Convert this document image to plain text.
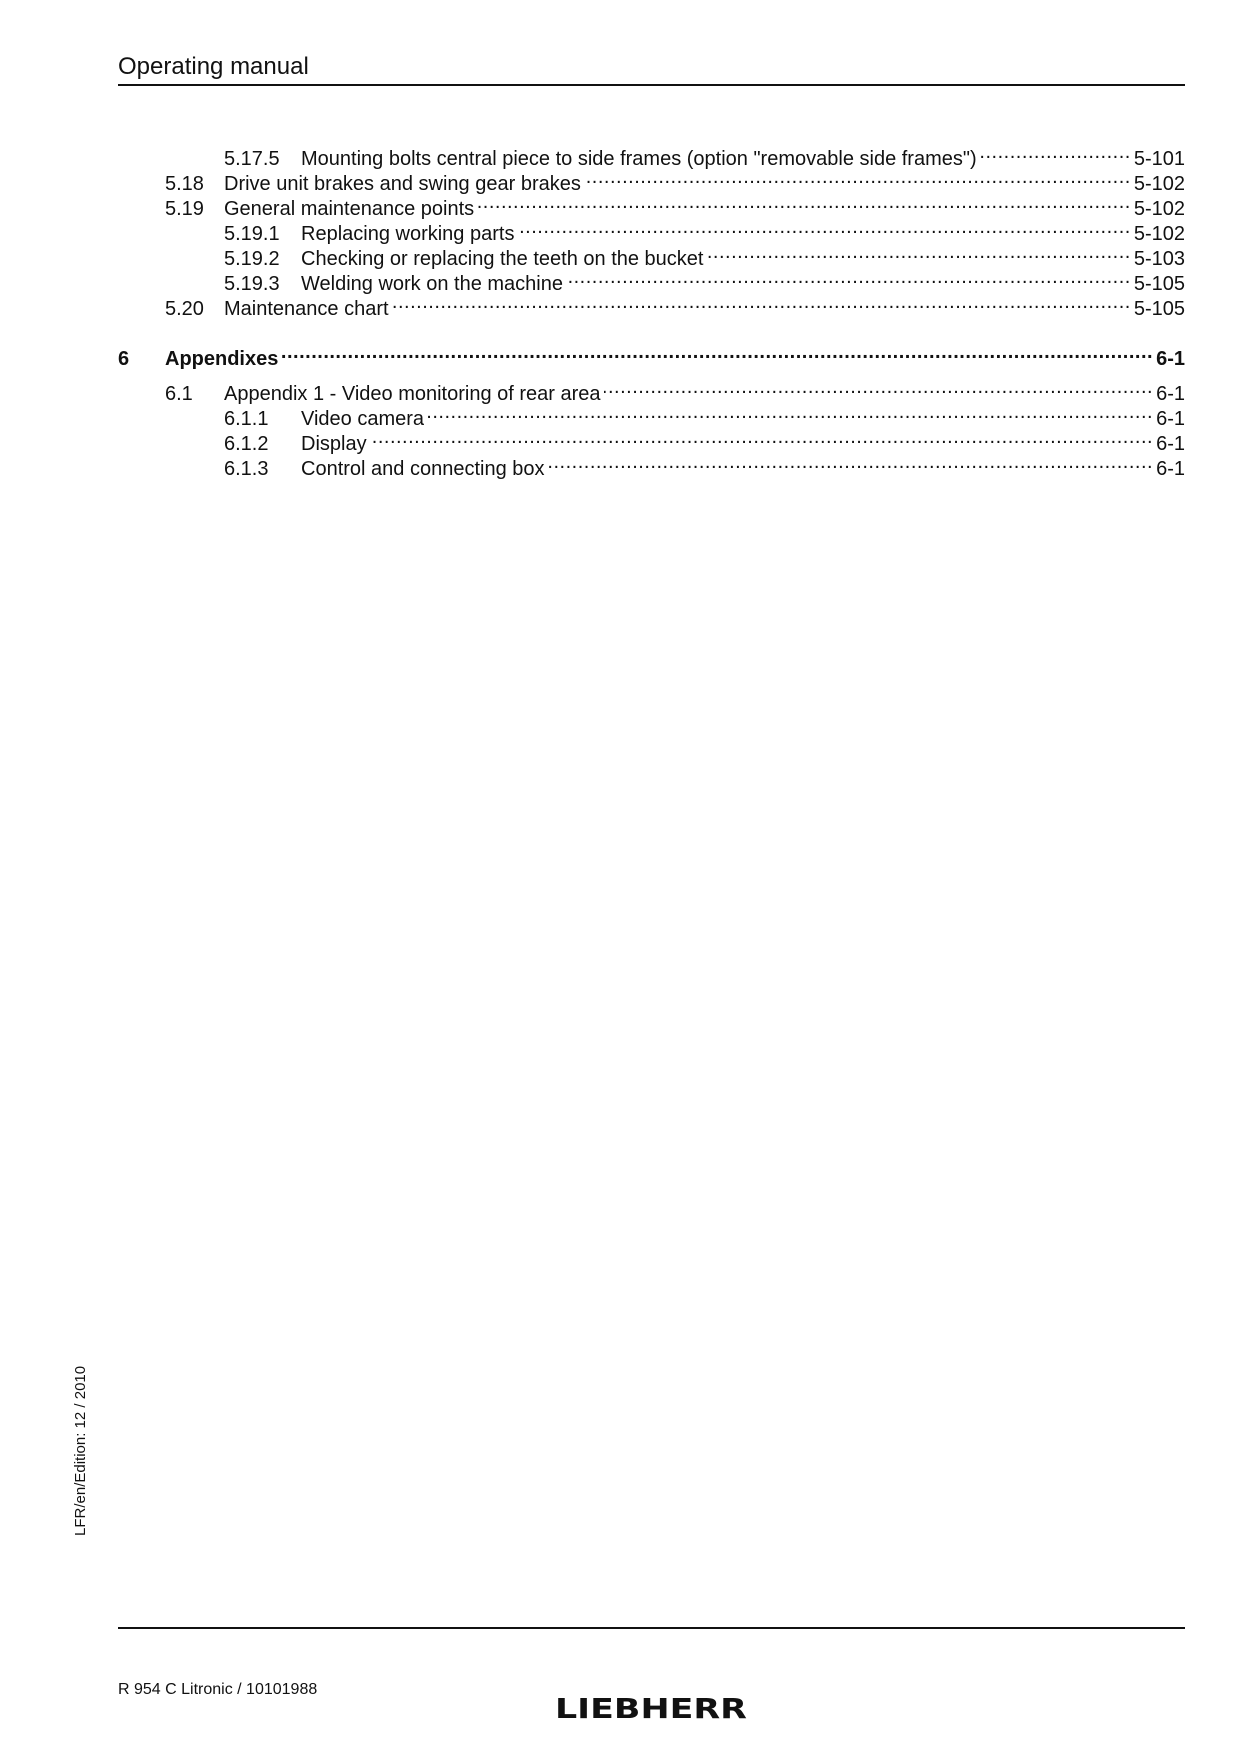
Operating manual
5.17.5	Mounting bolts central piece to side frames (option "removable side frames") .....	5-101
5.18	Drive unit brakes and swing gear brakes .....	5-102
5.19	General maintenance points .....	5-102
5.19.1	Replacing working parts .....	5-102
5.19.2	Checking or replacing the teeth on the bucket .....	5-103
5.19.3	Welding work on the machine .....	5-105
5.20	Maintenance chart .....	5-105
6	Appendixes .....	6-1
6.1	Appendix 1 - Video monitoring of rear area .....	6-1
6.1.1	Video camera .....	6-1
6.1.2	Display .....	6-1
6.1.3	Control and connecting box .....	6-1
LFR/en/Edition: 12 / 2010
R 954 C Litronic / 10101988
LIEBHERR
